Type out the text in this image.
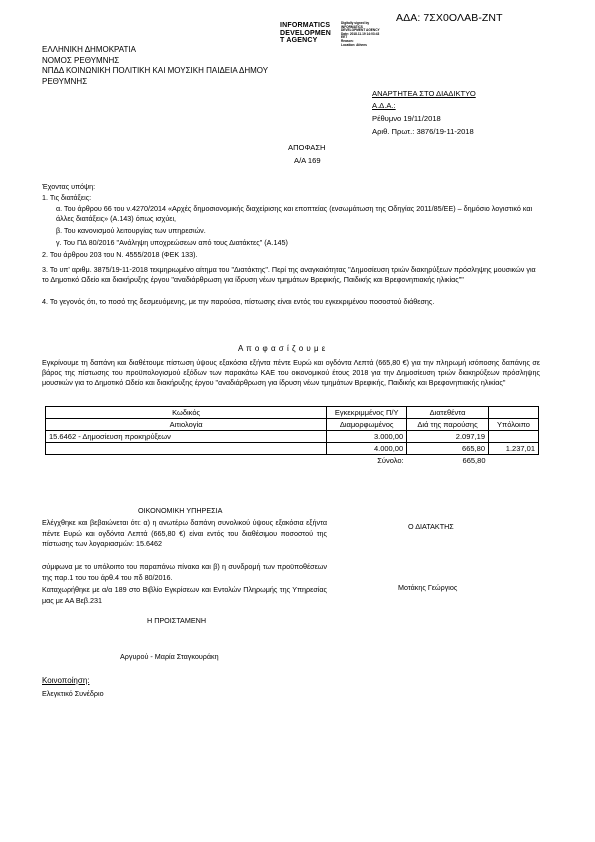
ΑΔΑ: 7ΣΧ0ΟΛΑΒ-ΖΝΤ
INFORMATICS
DEVELOPMEN
T AGENCY
Digitally signed by
INFORMATICS
DEVELOPMENT AGENCY
Date: 2018.11.19 14:03:43
EET
Reason:
Location: Athens
ΕΛΛΗΝΙΚΗ ΔΗΜΟΚΡΑΤΙΑ
ΝΟΜΟΣ ΡΕΘΥΜΝΗΣ
ΝΠΔΔ ΚΟΙΝΩΝΙΚΗ ΠΟΛΙΤΙΚΗ ΚΑΙ ΜΟΥΣΙΚΗ ΠΑΙΔΕΙΑ ΔΗΜΟΥ
ΡΕΘΥΜΝΗΣ
ΑΝΑΡΤΗΤΕΑ ΣΤΟ ΔΙΑΔΙΚΤΥΟ
Α.Δ.Α.:
Ρέθυμνο 19/11/2018
Αριθ. Πρωτ.: 3876/19-11-2018
ΑΠΟΦΑΣΗ
Α/Α 169
Έχοντας υπόψη:
1. Τις διατάξεις:
α. Του άρθρου 66 του ν.4270/2014 «Αρχές δημοσιονομικής διαχείρισης και εποπτείας (ενσωμάτωση της Οδηγίας 2011/85/ΕΕ) – δημόσιο λογιστικό και άλλες διατάξεις» (Α.143) όπως ισχύει,
β. Του κανονισμού λειτουργίας των υπηρεσιών.
γ. Του ΠΔ 80/2016 "Ανάληψη υποχρεώσεων από τους Διατάκτες" (Α.145)
2. Του άρθρου 203 του Ν. 4555/2018 (ΦΕΚ 133).
3. Το υπ' αριθμ. 3875/19-11-2018 τεκμηριωμένο αίτημα του "Διατάκτης". Περί της αναγκαιότητας "Δημοσίευση τριών διακηρύξεων πρόσληψης μουσικών για το Δημοτικό Ωδείο και διακήρυξης έργου "αναδιάρθρωση για ίδρυση νέων τμημάτων Βρεφικής, Παιδικής και Βρεφονηπιακής ηλικίας""
4. Το γεγονός ότι, το ποσό της δεσμευόμενης, με την παρούσα, πίστωσης είναι εντός του εγκεκριμένου ποσοστού διάθεσης.
Α π ο φ α σ ί ζ ο υ μ ε
Εγκρίνουμε τη δαπάνη και διαθέτουμε πίστωση ύψους εξακόσια εξήντα πέντε Ευρώ και ογδόντα Λεπτά (665,80 €) για την πληρωμή ισόποσης δαπάνης σε βάρος της πίστωσης του προϋπολογισμού εξόδων των παρακάτω ΚΑΕ του οικονομικού έτους 2018 για την Δημοσίευση τριών διακηρύξεων πρόσληψης μουσικών για το Δημοτικό Ωδείο και διακήρυξης έργου "αναδιάρθρωση για ίδρυση νέων τμημάτων Βρεφικής, Παιδικής και Βρεφονηπιακής ηλικίας"
Κωδικός	Εγκεκριμμένος Π/Υ	Διατεθέντα	
Αιτιολογία	Διαμορφωμένος	Διά της παρούσης	Υπόλοιπο
15.6462 - Δημοσίευση προκηρύξεων	3.000,00	2.097,19	
	4.000,00	665,80	1.237,01
	Σύνολο:	665,80	
ΟΙΚΟΝΟΜΙΚΗ ΥΠΗΡΕΣΙΑ
Ελέγχθηκε και βεβαιώνεται ότι: α) η ανωτέρω δαπάνη συνολικού ύψους εξακόσια εξήντα πέντε Ευρώ και ογδόντα Λεπτά (665,80 €) είναι εντός του διαθέσιμου ποσοστού της πίστωσης των λογαριασμών: 15.6462
σύμφωνα με το υπόλοιπο του παραπάνω πίνακα και β) η συνδρομή των προϋποθέσεων της παρ.1 του του άρθ.4 του πδ 80/2016.
Καταχωρήθηκε με α/α 189 στο Βιβλίο Εγκρίσεων και Εντολών Πληρωμής της Υπηρεσίας μας με ΑΑ Βεβ.231
Η ΠΡΟΙΣΤΑΜΕΝΗ
Αργυρού - Μαρία Σταγκουράκη
Ο ΔΙΑΤΑΚΤΗΣ
Μοτάκης Γεώργιος
Κοινοποίηση:
Ελεγκτικό Συνέδριο
